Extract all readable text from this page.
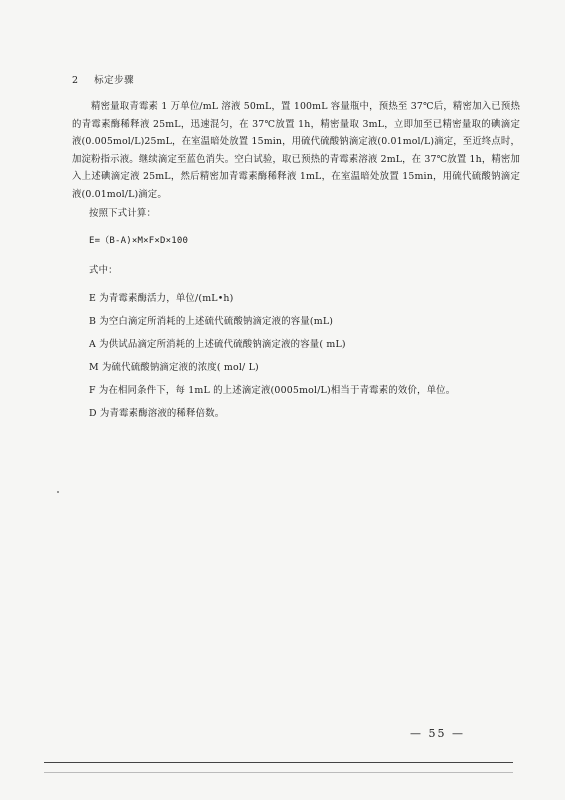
2 标定步骤
精密量取青霉素 1 万单位/mL 溶液 50mL，置 100mL 容量瓶中，预热至 37℃后，精密加入已预热的青霉素酶稀释液 25mL，迅速混匀，在 37℃放置 1h，精密量取 3mL，立即加至已精密量取的碘滴定液(0.005mol/L)25mL，在室温暗处放置 15min，用硫代硫酸钠滴定液(0.01mol/L)滴定，至近终点时，加淀粉指示液。继续滴定至蓝色消失。空白试验，取已预热的青霉素溶液 2mL，在 37℃放置 1h，精密加入上述碘滴定液 25mL，然后精密加青霉素酶稀释液 1mL，在室温暗处放置 15min，用硫代硫酸钠滴定液(0.01mol/L)滴定。
按照下式计算：
E=（B-A)×M×F×D×100
式中：
E 为青霉素酶活力，单位/(mL•h)
B 为空白滴定所消耗的上述硫代硫酸钠滴定液的容量(mL)
A 为供试品滴定所消耗的上述硫代硫酸钠滴定液的容量( mL)
M 为硫代硫酸钠滴定液的浓度( mol/ L)
F 为在相同条件下，每 1mL 的上述滴定液(0005mol/L)相当于青霉素的效价，单位。
D 为青霉素酶溶液的稀释倍数。
— 55 —
